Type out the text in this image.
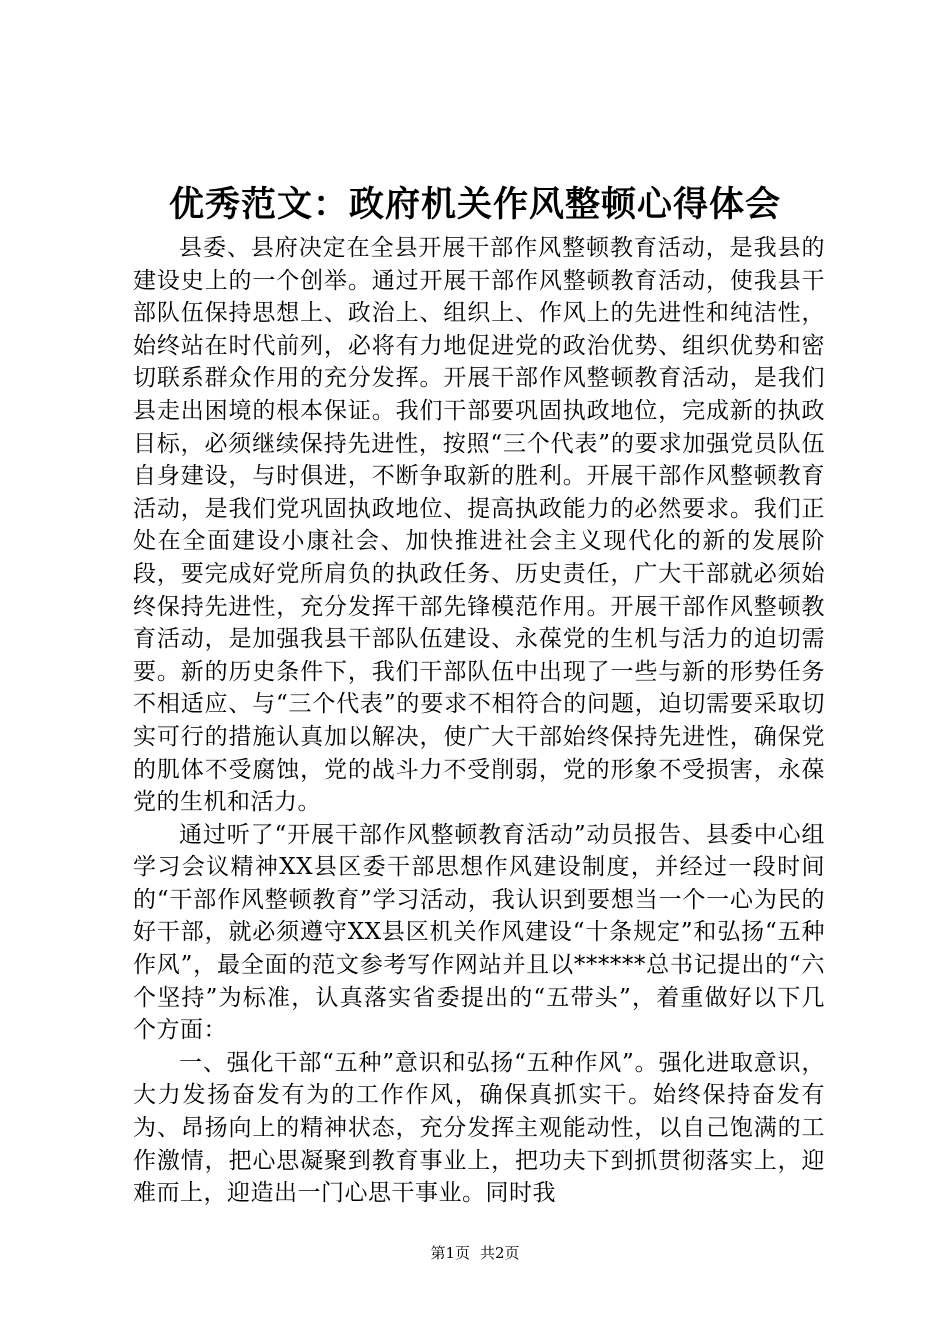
优秀范文：政府机关作风整顿心得体会

县委、县府决定在全县开展干部作风整顿教育活动，是我县的建设史上的一个创举。通过开展干部作风整顿教育活动，使我县干部队伍保持思想上、政治上、组织上、作风上的先进性和纯洁性，始终站在时代前列，必将有力地促进党的政治优势、组织优势和密切联系群众作用的充分发挥。开展干部作风整顿教育活动，是我们县走出困境的根本保证。我们干部要巩固执政地位，完成新的执政目标，必须继续保持先进性，按照“三个代表”的要求加强党员队伍自身建设，与时俱进，不断争取新的胜利。开展干部作风整顿教育活动，是我们党巩固执政地位、提高执政能力的必然要求。我们正处在全面建设小康社会、加快推进社会主义现代化的新的发展阶段，要完成好党所肩负的执政任务、历史责任，广大干部就必须始终保持先进性，充分发挥干部先锋模范作用。开展干部作风整顿教育活动，是加强我县干部队伍建设、永葆党的生机与活力的迫切需要。新的历史条件下，我们干部队伍中出现了一些与新的形势任务不相适应、与“三个代表”的要求不相符合的问题，迫切需要采取切实可行的措施认真加以解决，使广大干部始终保持先进性，确保党的肌体不受腐蚀，党的战斗力不受削弱，党的形象不受损害，永葆党的生机和活力。

通过听了“开展干部作风整顿教育活动”动员报告、县委中心组学习会议精神XX县区委干部思想作风建设制度，并经过一段时间的“干部作风整顿教育”学习活动，我认识到要想当一个一心为民的好干部，就必须遵守XX县区机关作风建设“十条规定”和弘扬“五种作风”，最全面的范文参考写作网站并且以******总书记提出的“六个坚持”为标准，认真落实省委提出的“五带头”，着重做好以下几个方面：

一、强化干部“五种”意识和弘扬“五种作风”。强化进取意识，大力发扬奋发有为的工作作风，确保真抓实干。始终保持奋发有为、昂扬向上的精神状态，充分发挥主观能动性，以自己饱满的工作激情，把心思凝聚到教育事业上，把功夫下到抓贯彻落实上，迎难而上，迎造出一门心思干事业。同时我

第1页 共2页
